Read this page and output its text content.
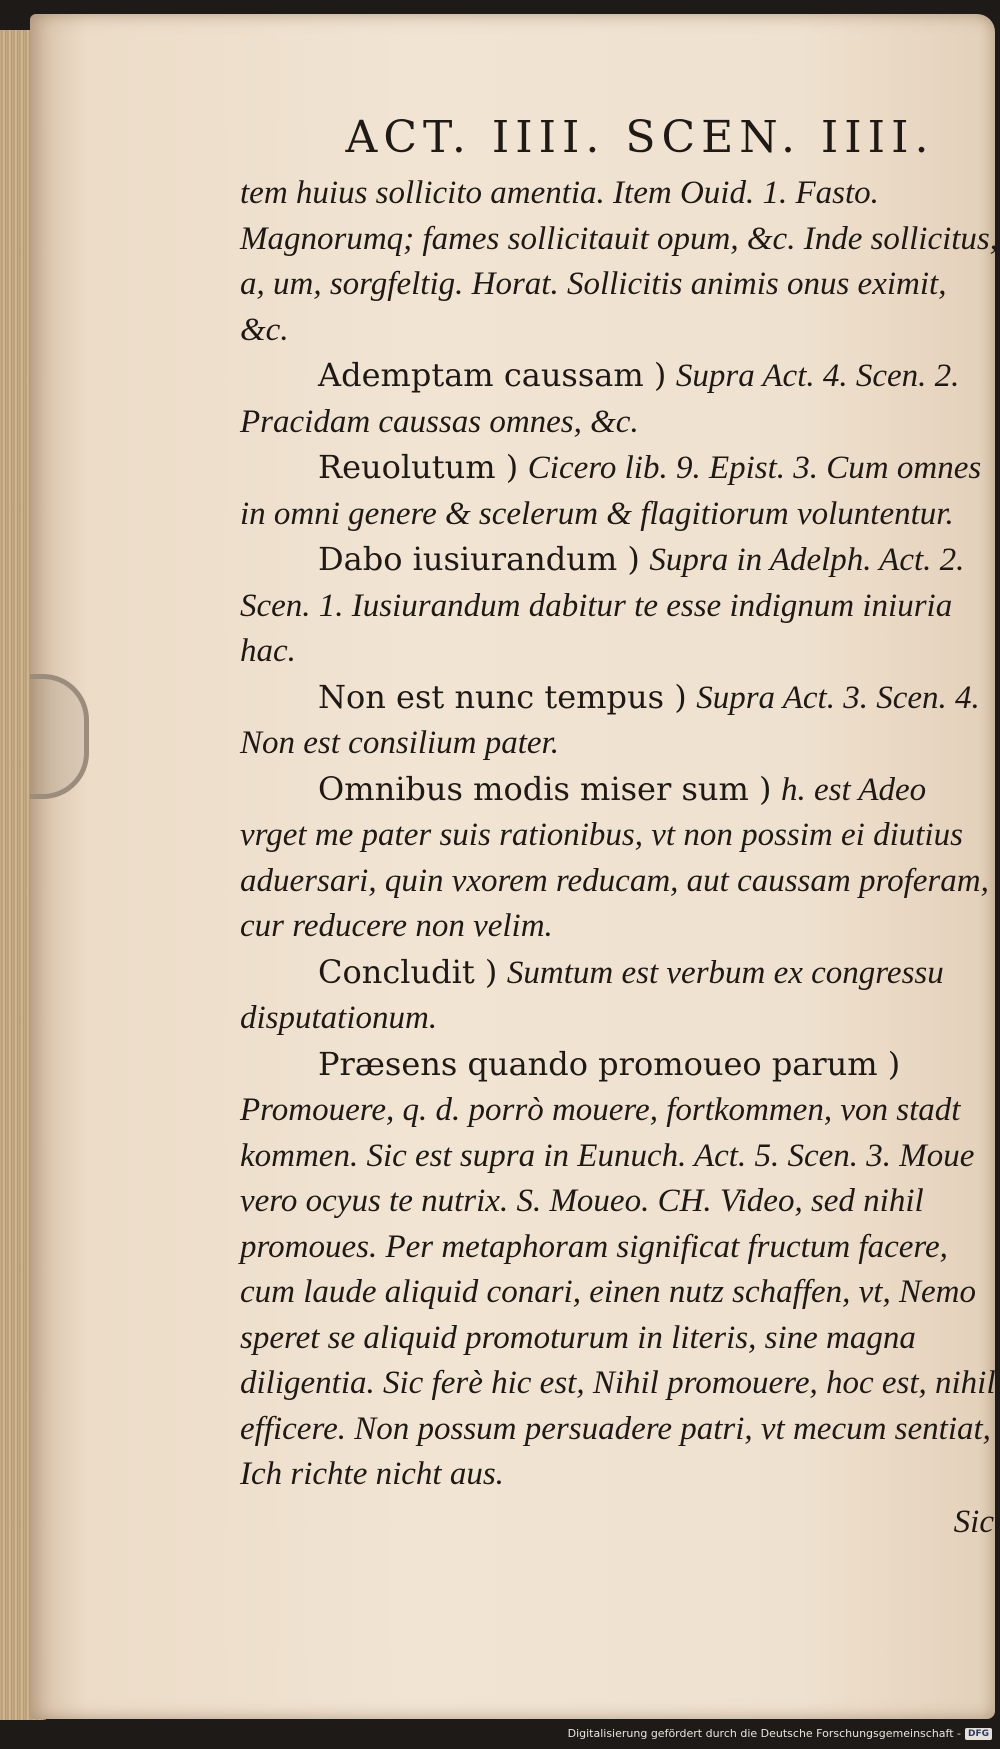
ACT. IIII. SCEN. IIII.

tem huius sollicito amentia. Item Ouid. 1. Fasto. Magnorumq; fames sollicitauit opum, &c. Inde sollicitus, a, um, sorgfeltig. Horat. Sollicitis animis onus eximit, &c.

Ademptam caussam ) Supra Act. 4. Scen. 2. Pracidam caussas omnes, &c.

Reuolutum ) Cicero lib. 9. Epist. 3. Cum omnes in omni genere & scelerum & flagitiorum voluntentur.

Dabo iusiurandum ) Supra in Adelph. Act. 2. Scen. 1. Iusiurandum dabitur te esse indignum iniuria hac.

Non est nunc tempus ) Supra Act. 3. Scen. 4. Non est consilium pater.

Omnibus modis miser sum ) h. est Adeo vrget me pater suis rationibus, vt non possim ei diutius aduersari, quin vxorem reducam, aut caussam proferam, cur reducere non velim.

Concludit ) Sumtum est verbum ex congressu disputationum.

Præsens quando promoueo parum ) Promouere, q. d. porrò mouere, fortkommen, von stadt kommen. Sic est supra in Eunuch. Act. 5. Scen. 3. Moue vero ocyus te nutrix. S. Moueo. CH. Video, sed nihil promoues. Per metaphoram significat fructum facere, cum laude aliquid conari, einen nutz schaffen, vt, Nemo speret se aliquid promoturum in literis, sine magna diligentia. Sic ferè hic est, Nihil promouere, hoc est, nihil efficere. Non possum persuadere patri, vt mecum sentiat, Ich richte nicht aus.

Sic
Digitalisierung gefördert durch die Deutsche Forschungsgemeinschaft - DFG
